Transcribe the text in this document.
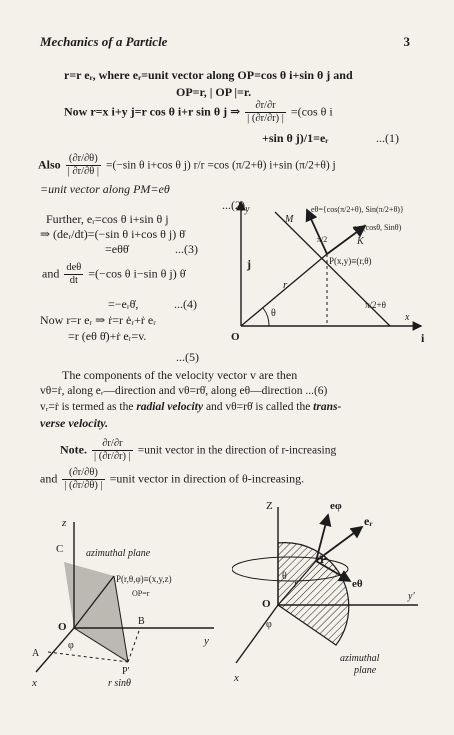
Mechanics of a Particle	3
r=r eᵣ, where eᵣ=unit vector along OP=cos θ i+sin θ j and
OP=r, | OP |=r.
Now r=x i+y j=r cos θ i+r sin θ j ⇒ $\frac{\partial r/\partial r}{| (\partial r/\partial r) |} =(\cos$ θ i
+sin θ j)/1=eᵣ	...(1)
Also $\frac{(\partial r/\partial\theta)}{| \partial r/\partial\theta |} =(-\sin$ θ i+cos θ j) r/r =cos (π/2+θ) i+sin (π/2+θ) j
=unit vector along PM=eθ
...(2)
Further, eᵣ=cos θ i+sin θ j
⇒ (deᵣ/dt)=(−sin θ i+cos θ j) θ̇
=eθθ̇	...(3)
and $\frac{\text{deθ}}{dt} =(-\cos$ θ i−sin θ j) θ̇
=−eᵣθ̇,	...(4)
Now r=r eᵣ ⇒ ṙ=r ėᵣ+ṙ eᵣ
=r (eθ θ̇)+ṙ eᵣ=v.
...(5)
The components of the velocity vector v are then
vθ=ṙ, along eᵣ—direction and vθ=rθ̇, along eθ—direction ...(6)
vᵣ=ṙ is termed as the radial velocity and vθ=rθ̇ is called the trans-
verse velocity.
Note. $\frac{\partial r/\partial r}{| (\partial r/\partial r) |}$ =unit vector in the direction of r-increasing
and $\frac{(\partial r/\partial\theta)}{| (\partial r/\partial\theta) |}$ =unit vector in direction of θ-increasing.
eθ={cos(π/2+θ), Sin(π/2+θ)}
eᵣ=(cosθ, Sinθ)
M
K
π/2
P(x,y)≡(r,θ)
r
π/2+θ
θ
O
x
i
j
y
z
C azimuthal plane
P(r,θ,φ)≡(x,y,z)
OP=r
O	B
y
A
φ
P'
x	r sinθ
Z	eφ
eᵣ
P
θ
r	eθ
O
y'
φ
azimuthal
plane
x
